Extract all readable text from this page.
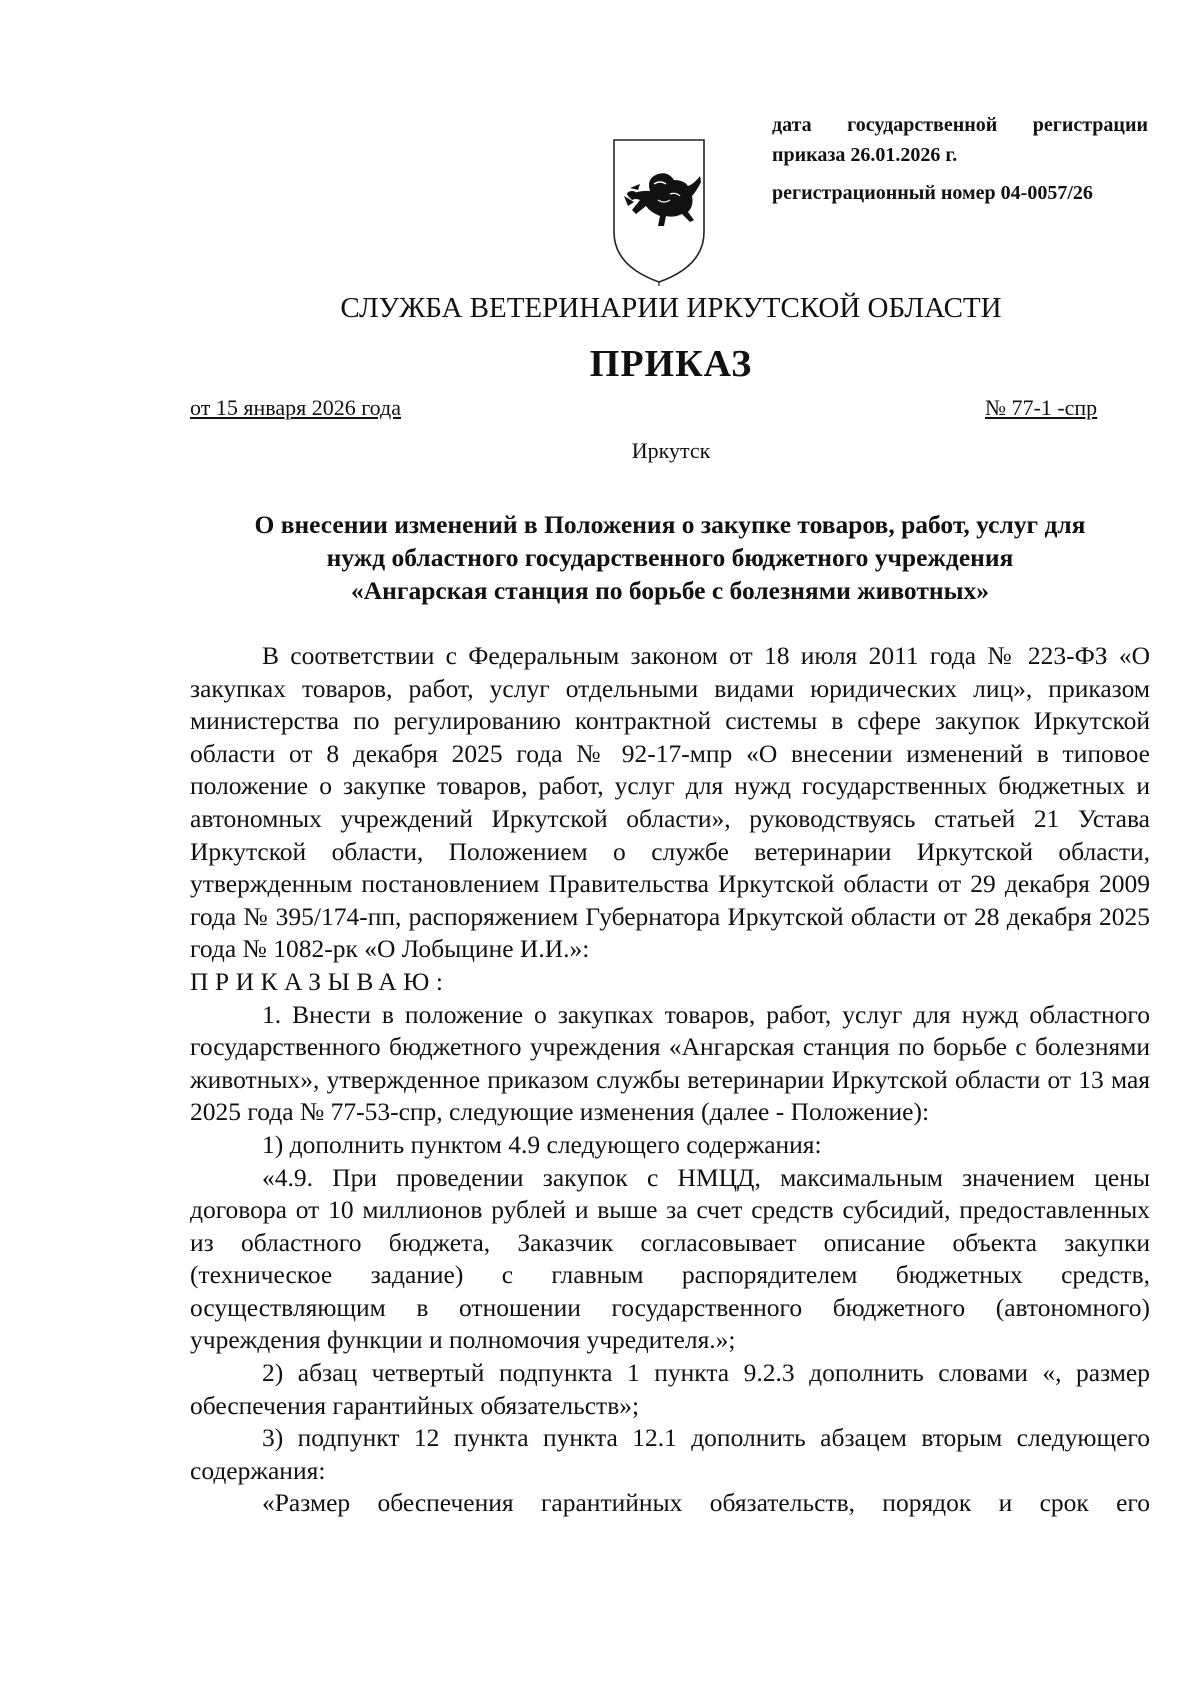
дата государственной регистрации
приказа 26.01.2026 г.
регистрационный номер 04-0057/26
СЛУЖБА ВЕТЕРИНАРИИ ИРКУТСКОЙ ОБЛАСТИ
ПРИКАЗ
от 15 января 2026 года	№ 77-1 -спр
Иркутск
О внесении изменений в Положения о закупке товаров, работ, услуг для
нужд областного государственного бюджетного учреждения
«Ангарская станция по борьбе с болезнями животных»

В соответствии с Федеральным законом от 18 июля 2011 года № 223-ФЗ «О закупках товаров, работ, услуг отдельными видами юридических лиц», приказом министерства по регулированию контрактной системы в сфере закупок Иркутской области от 8 декабря 2025 года № 92-17-мпр «О внесении изменений в типовое положение о закупке товаров, работ, услуг для нужд государственных бюджетных и автономных учреждений Иркутской области», руководствуясь статьей 21 Устава Иркутской области, Положением о службе ветеринарии Иркутской области, утвержденным постановлением Правительства Иркутской области от 29 декабря 2009 года № 395/174-пп, распоряжением Губернатора Иркутской области от 28 декабря 2025 года № 1082-рк «О Лобыцине И.И.»:

ПРИКАЗЫВАЮ:

1. Внести в положение о закупках товаров, работ, услуг для нужд областного государственного бюджетного учреждения «Ангарская станция по борьбе с болезнями животных», утвержденное приказом службы ветеринарии Иркутской области от 13 мая 2025 года № 77-53-спр, следующие изменения (далее - Положение):

1) дополнить пунктом 4.9 следующего содержания:

«4.9. При проведении закупок с НМЦД, максимальным значением цены договора от 10 миллионов рублей и выше за счет средств субсидий, предоставленных из областного бюджета, Заказчик согласовывает описание объекта закупки (техническое задание) с главным распорядителем бюджетных средств, осуществляющим в отношении государственного бюджетного (автономного) учреждения функции и полномочия учредителя.»;

2) абзац четвертый подпункта 1 пункта 9.2.3 дополнить словами «, размер обеспечения гарантийных обязательств»;

3) подпункт 12 пункта пункта 12.1 дополнить абзацем вторым следующего содержания:

«Размер обеспечения гарантийных обязательств, порядок и срок его
